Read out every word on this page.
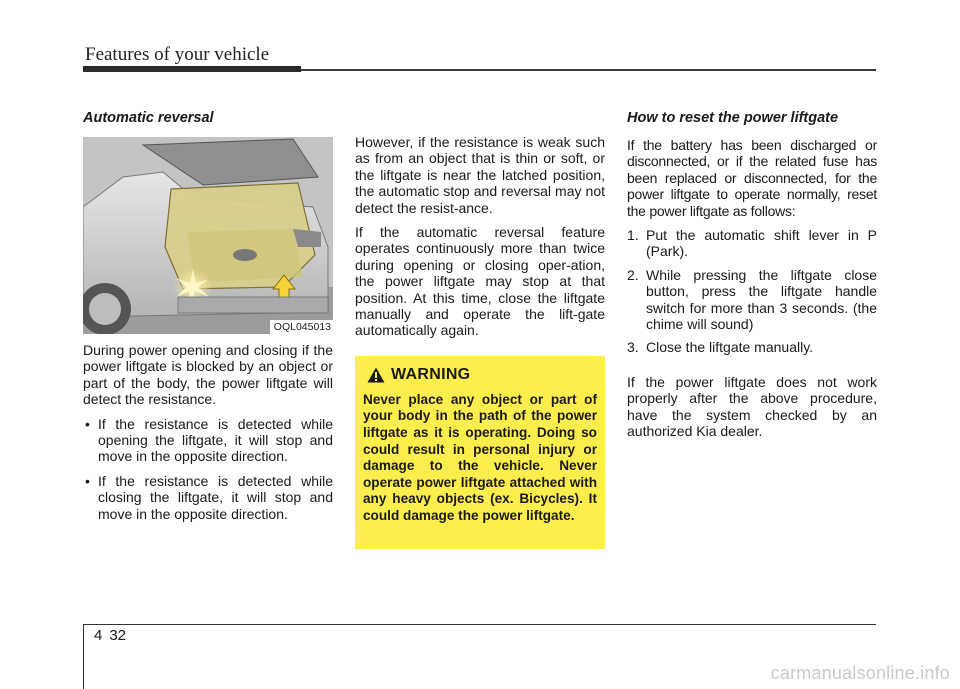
Features of your vehicle
Automatic reversal
OQL045013

During power opening and closing if the power liftgate is blocked by an object or part of the body, the power liftgate will detect the resistance.

• If the resistance is detected while opening the liftgate, it will stop and move in the opposite direction.
• If the resistance is detected while closing the liftgate, it will stop and move in the opposite direction.

However, if the resistance is weak such as from an object that is thin or soft, or the liftgate is near the latched position, the automatic stop and reversal may not detect the resist-ance.

If the automatic reversal feature operates continuously more than twice during opening or closing oper-ation, the power liftgate may stop at that position. At this time, close the liftgate manually and operate the lift-gate automatically again.

WARNING

Never place any object or part of your body in the path of the power liftgate as it is operating. Doing so could result in personal injury or damage to the vehicle. Never operate power liftgate attached with any heavy objects (ex. Bicycles). It could damage the power liftgate.

How to reset the power liftgate

If the battery has been discharged or disconnected, or if the related fuse has been replaced or disconnected, for the power liftgate to operate normally, reset the power liftgate as follows:

1. Put the automatic shift lever in P (Park).
2. While pressing the liftgate close button, press the liftgate handle switch for more than 3 seconds. (the chime will sound)
3. Close the liftgate manually.

If the power liftgate does not work properly after the above procedure, have the system checked by an authorized Kia dealer.

4 32
carmanualsonline.info
